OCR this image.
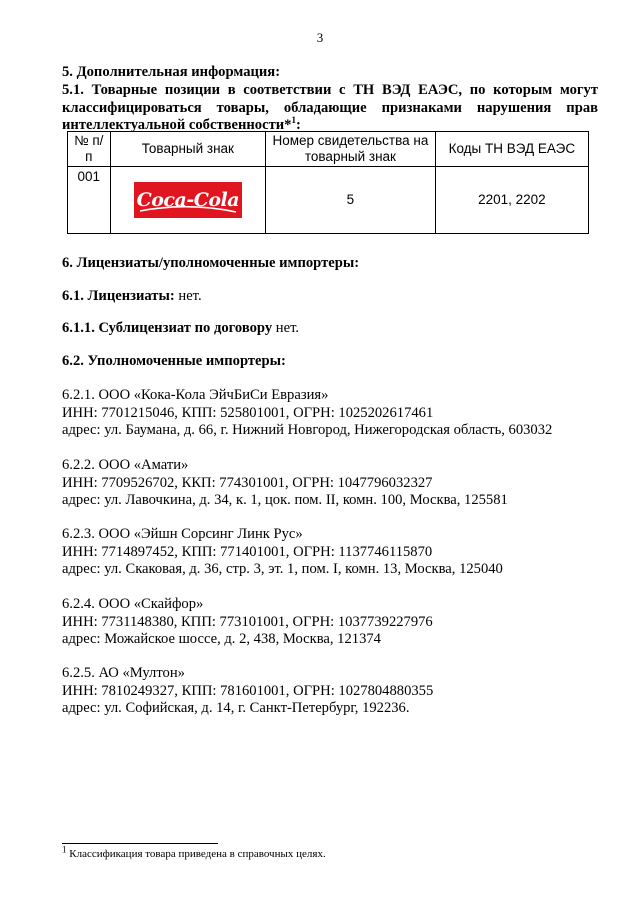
3
5. Дополнительная информация:
5.1. Товарные позиции в соответствии с ТН ВЭД ЕАЭС, по которым могут классифицироваться товары, обладающие признаками нарушения прав интеллектуальной собственности*$^1$:
№ п/п	Товарный знак	Номер свидетельства на товарный знак	Коды ТН ВЭД ЕАЭС
001	Coca-Cola	5	2201, 2202
6. Лицензиаты/уполномоченные импортеры:
6.1. Лицензиаты: нет.
6.1.1. Сублицензиат по договору нет.
6.2. Уполномоченные импортеры:
6.2.1. ООО «Кока-Кола ЭйчБиСи Евразия»
ИНН: 7701215046, КПП: 525801001, ОГРН: 1025202617461
адрес: ул. Баумана, д. 66, г. Нижний Новгород, Нижегородская область, 603032
6.2.2. ООО «Амати»
ИНН: 7709526702, ККП: 774301001, ОГРН: 1047796032327
адрес: ул. Лавочкина, д. 34, к. 1, цок. пом. II, комн. 100, Москва, 125581
6.2.3. ООО «Эйшн Сорсинг Линк Рус»
ИНН: 7714897452, КПП: 771401001, ОГРН: 1137746115870
адрес: ул. Скаковая, д. 36, стр. 3, эт. 1, пом. I, комн. 13, Москва, 125040
6.2.4. ООО «Скайфор»
ИНН: 7731148380, КПП: 773101001, ОГРН: 1037739227976
адрес: Можайское шоссе, д. 2, 438, Москва, 121374
6.2.5. АО «Мултон»
ИНН: 7810249327, КПП: 781601001, ОГРН: 1027804880355
адрес: ул. Софийская, д. 14, г. Санкт-Петербург, 192236.
$^1$ Классификация товара приведена в справочных целях.
